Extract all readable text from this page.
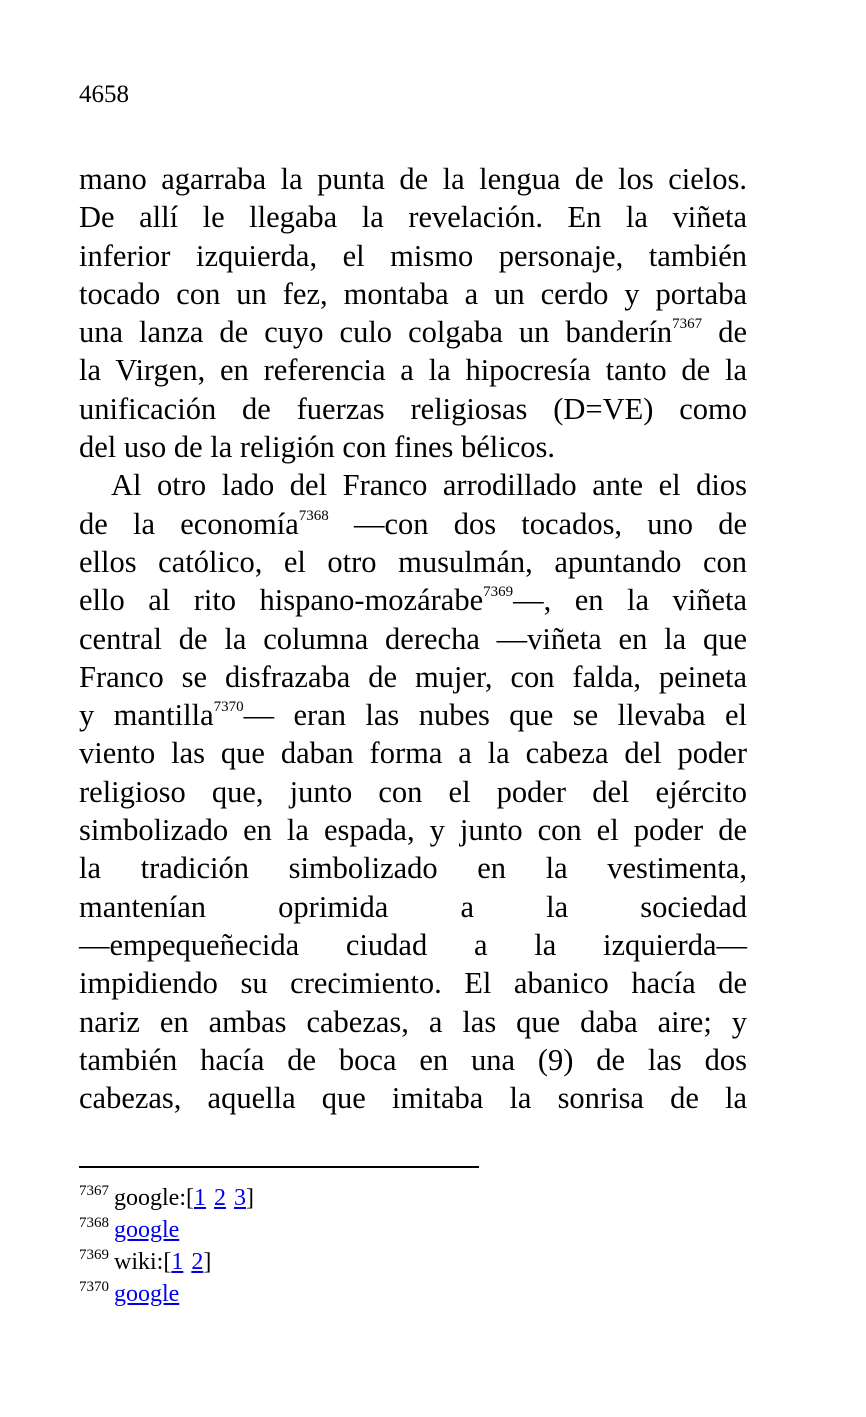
4658
mano agarraba la punta de la lengua de los cielos.
De allí le llegaba la revelación. En la viñeta
inferior izquierda, el mismo personaje, también
tocado con un fez, montaba a un cerdo y portaba
una lanza de cuyo culo colgaba un banderín$^{7367}$ de
la Virgen, en referencia a la hipocresía tanto de la
unificación de fuerzas religiosas (D=VE) como
del uso de la religión con fines bélicos.
Al otro lado del Franco arrodillado ante el dios
de la economía$^{7368}$ —con dos tocados, uno de
ellos católico, el otro musulmán, apuntando con
ello al rito hispano-mozárabe$^{7369}$—, en la viñeta
central de la columna derecha —viñeta en la que
Franco se disfrazaba de mujer, con falda, peineta
y mantilla$^{7370}$— eran las nubes que se llevaba el
viento las que daban forma a la cabeza del poder
religioso que, junto con el poder del ejército
simbolizado en la espada, y junto con el poder de
la tradición simbolizado en la vestimenta,
mantenían oprimida a la sociedad
—empequeñecida ciudad a la izquierda—
impidiendo su crecimiento. El abanico hacía de
nariz en ambas cabezas, a las que daba aire; y
también hacía de boca en una (9) de las dos
cabezas, aquella que imitaba la sonrisa de la
$^{7367}$ google:[1 2 3]
$^{7368}$ google
$^{7369}$ wiki:[1 2]
$^{7370}$ google
